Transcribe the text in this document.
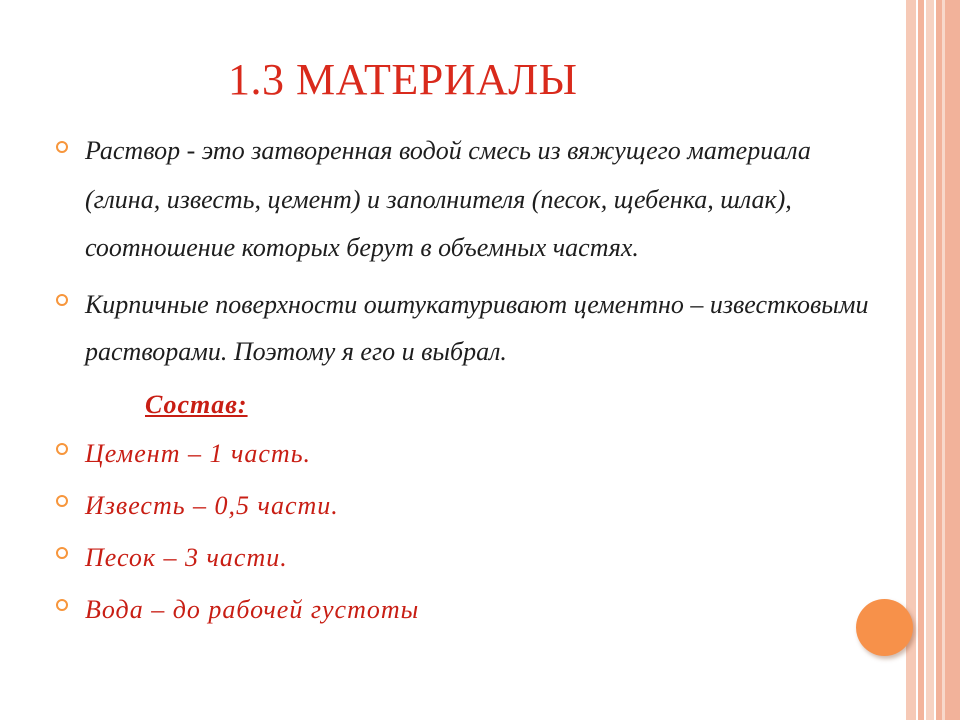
1.3 МАТЕРИАЛЫ
Раствор - это затворенная водой смесь из вяжущего материала (глина, известь, цемент) и заполнителя (песок, щебенка, шлак), соотношение которых берут в объемных частях.
Кирпичные поверхности оштукатуривают цементно – известковыми растворами. Поэтому я его и выбрал.
Состав:
Цемент – 1 часть.
Известь – 0,5 части.
Песок – 3 части.
Вода – до рабочей густоты
